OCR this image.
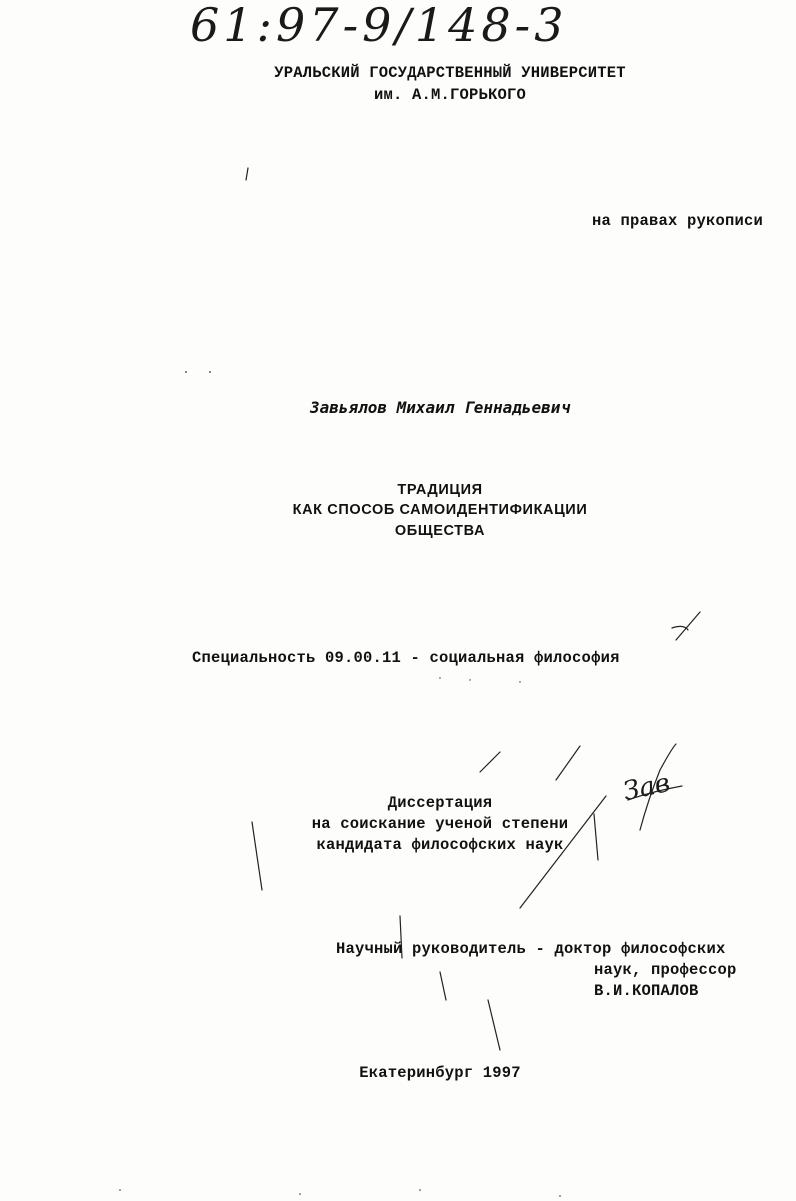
61:97-9/148-3
УРАЛЬСКИЙ ГОСУДАРСТВЕННЫЙ УНИВЕРСИТЕТ
им. А.М.ГОРЬКОГО
на правах рукописи
Завьялов Михаил Геннадьевич
ТРАДИЦИЯ
КАК СПОСОБ САМОИДЕНТИФИКАЦИИ
ОБЩЕСТВА
Специальность 09.00.11 - социальная философия
Диссертация
на соискание ученой степени
кандидата философских наук
Научный руководитель - доктор философских
наук, профессор
В.И.КОПАЛОВ
Екатеринбург 1997
Зав
